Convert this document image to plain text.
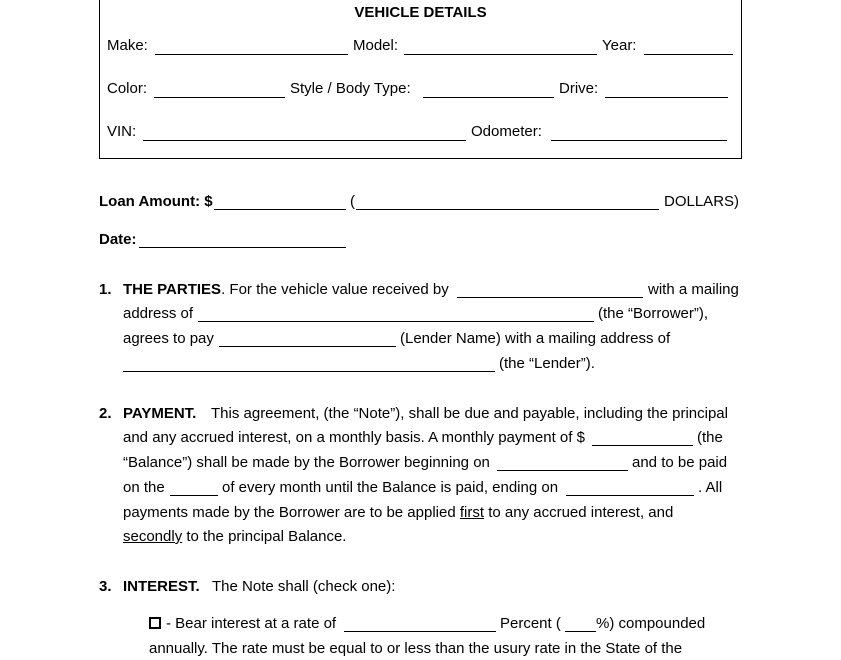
VEHICLE DETAILS
Make:	Model:	Year:
Color:	Style / Body Type:	Drive:
VIN:	Odometer:
Loan Amount: $	(	DOLLARS)
Date:
1. THE PARTIES. For the vehicle value received by	with a mailing
address of	(the “Borrower”),
agrees to pay	(Lender Name) with a mailing address of
(the “Lender”).
2. PAYMENT. This agreement, (the “Note”), shall be due and payable, including the principal
and any accrued interest, on a monthly basis. A monthly payment of $	(the
“Balance”) shall be made by the Borrower beginning on	and to be paid
on the	of every month until the Balance is paid, ending on	. All
payments made by the Borrower are to be applied first to any accrued interest, and
secondly to the principal Balance.
3. INTEREST. The Note shall (check one):
- Bear interest at a rate of	Percent ( %) compounded
annually. The rate must be equal to or less than the usury rate in the State of the
